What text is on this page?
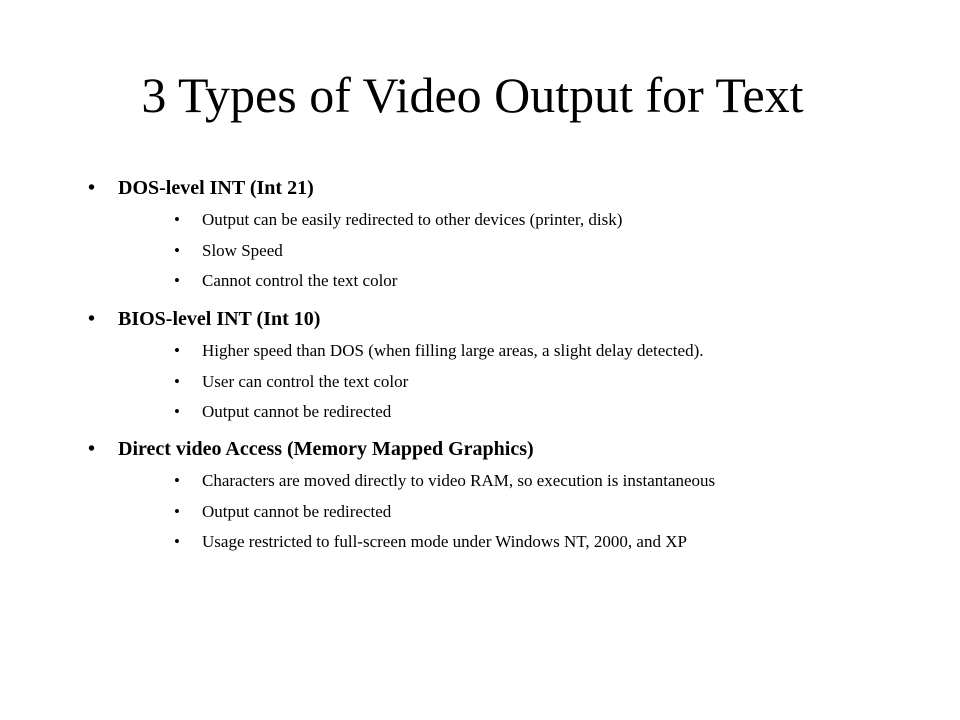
3 Types of Video Output for Text
• DOS-level INT (Int 21)
• Output can be easily redirected to other devices (printer, disk)
• Slow Speed
• Cannot control the text color
• BIOS-level INT (Int 10)
• Higher speed than DOS (when filling large areas, a slight delay detected).
• User can control the text color
• Output cannot be redirected
• Direct video Access (Memory Mapped Graphics)
• Characters are moved directly to video RAM, so execution is instantaneous
• Output cannot be redirected
• Usage restricted to full-screen mode under Windows NT, 2000, and XP
